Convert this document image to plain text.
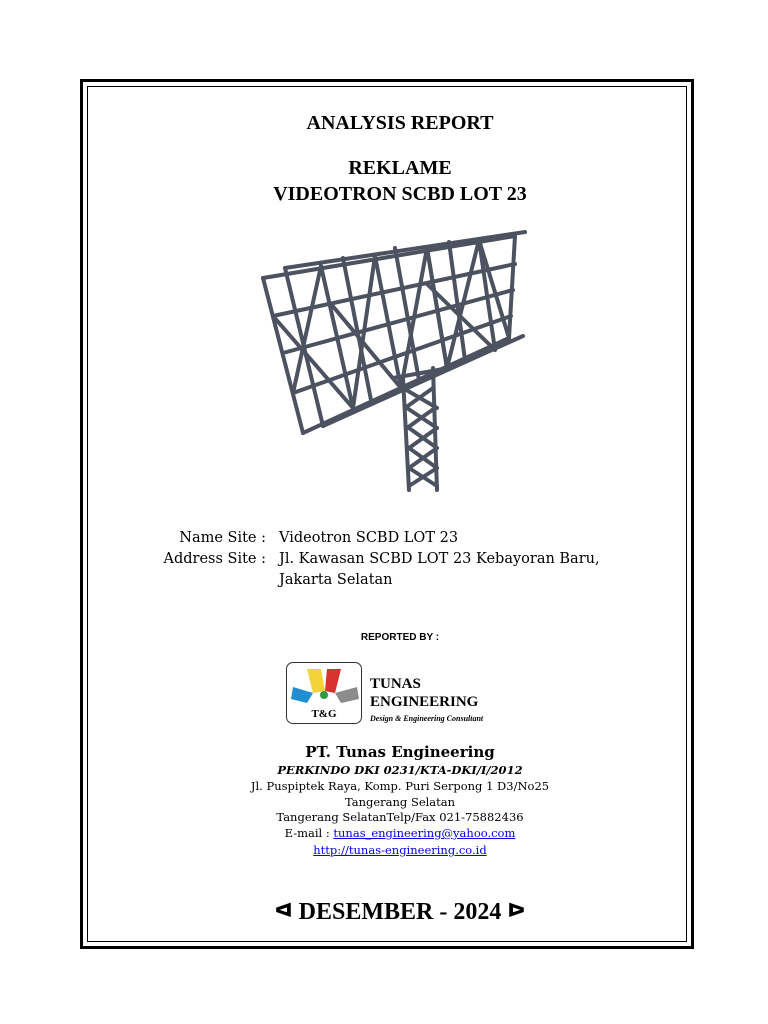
ANALYSIS REPORT
REKLAME
VIDEOTRON SCBD LOT 23
Name Site : Videotron SCBD LOT 23
Address Site : Jl. Kawasan SCBD LOT 23 Kebayoran Baru,
Jakarta Selatan
REPORTED BY :
T&G
TUNAS
ENGINEERING
Design & Engineering Consultant
PT. Tunas Engineering
PERKINDO DKI 0231/KTA-DKI/I/2012
Jl. Puspiptek Raya, Komp. Puri Serpong 1 D3/No25
Tangerang Selatan
Tangerang SelatanTelp/Fax 021-75882436
E-mail : tunas_engineering@yahoo.com
http://tunas-engineering.co.id
ᐊ DESEMBER - 2024 ᐅ
